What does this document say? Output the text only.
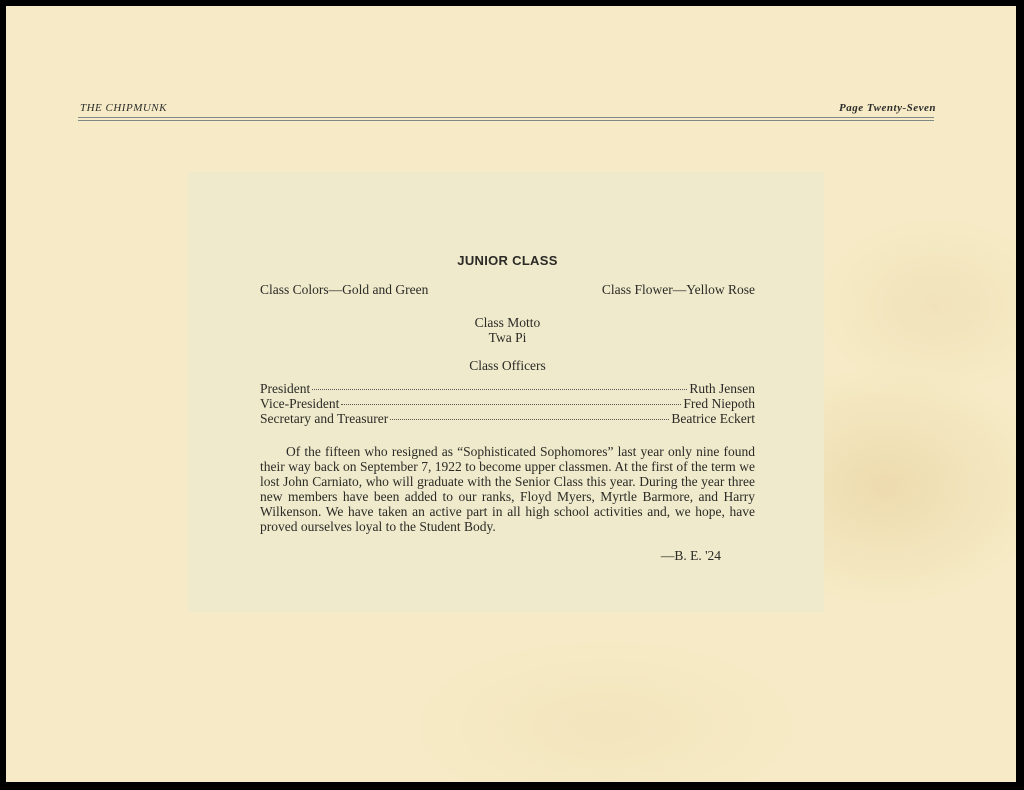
THE CHIPMUNK	Page Twenty-Seven
JUNIOR CLASS
Class Colors—Gold and Green	Class Flower—Yellow Rose
Class Motto
Twa Pi
Class Officers
President	Ruth Jensen
Vice-President	Fred Niepoth
Secretary and Treasurer	Beatrice Eckert

Of the fifteen who resigned as “Sophisticated Sophomores” last year only nine found their way back on September 7, 1922 to become upper classmen. At the first of the term we lost John Carniato, who will graduate with the Senior Class this year. During the year three new members have been added to our ranks, Floyd Myers, Myrtle Barmore, and Harry Wilkenson. We have taken an active part in all high school activities and, we hope, have proved ourselves loyal to the Student Body.

—B. E. '24
